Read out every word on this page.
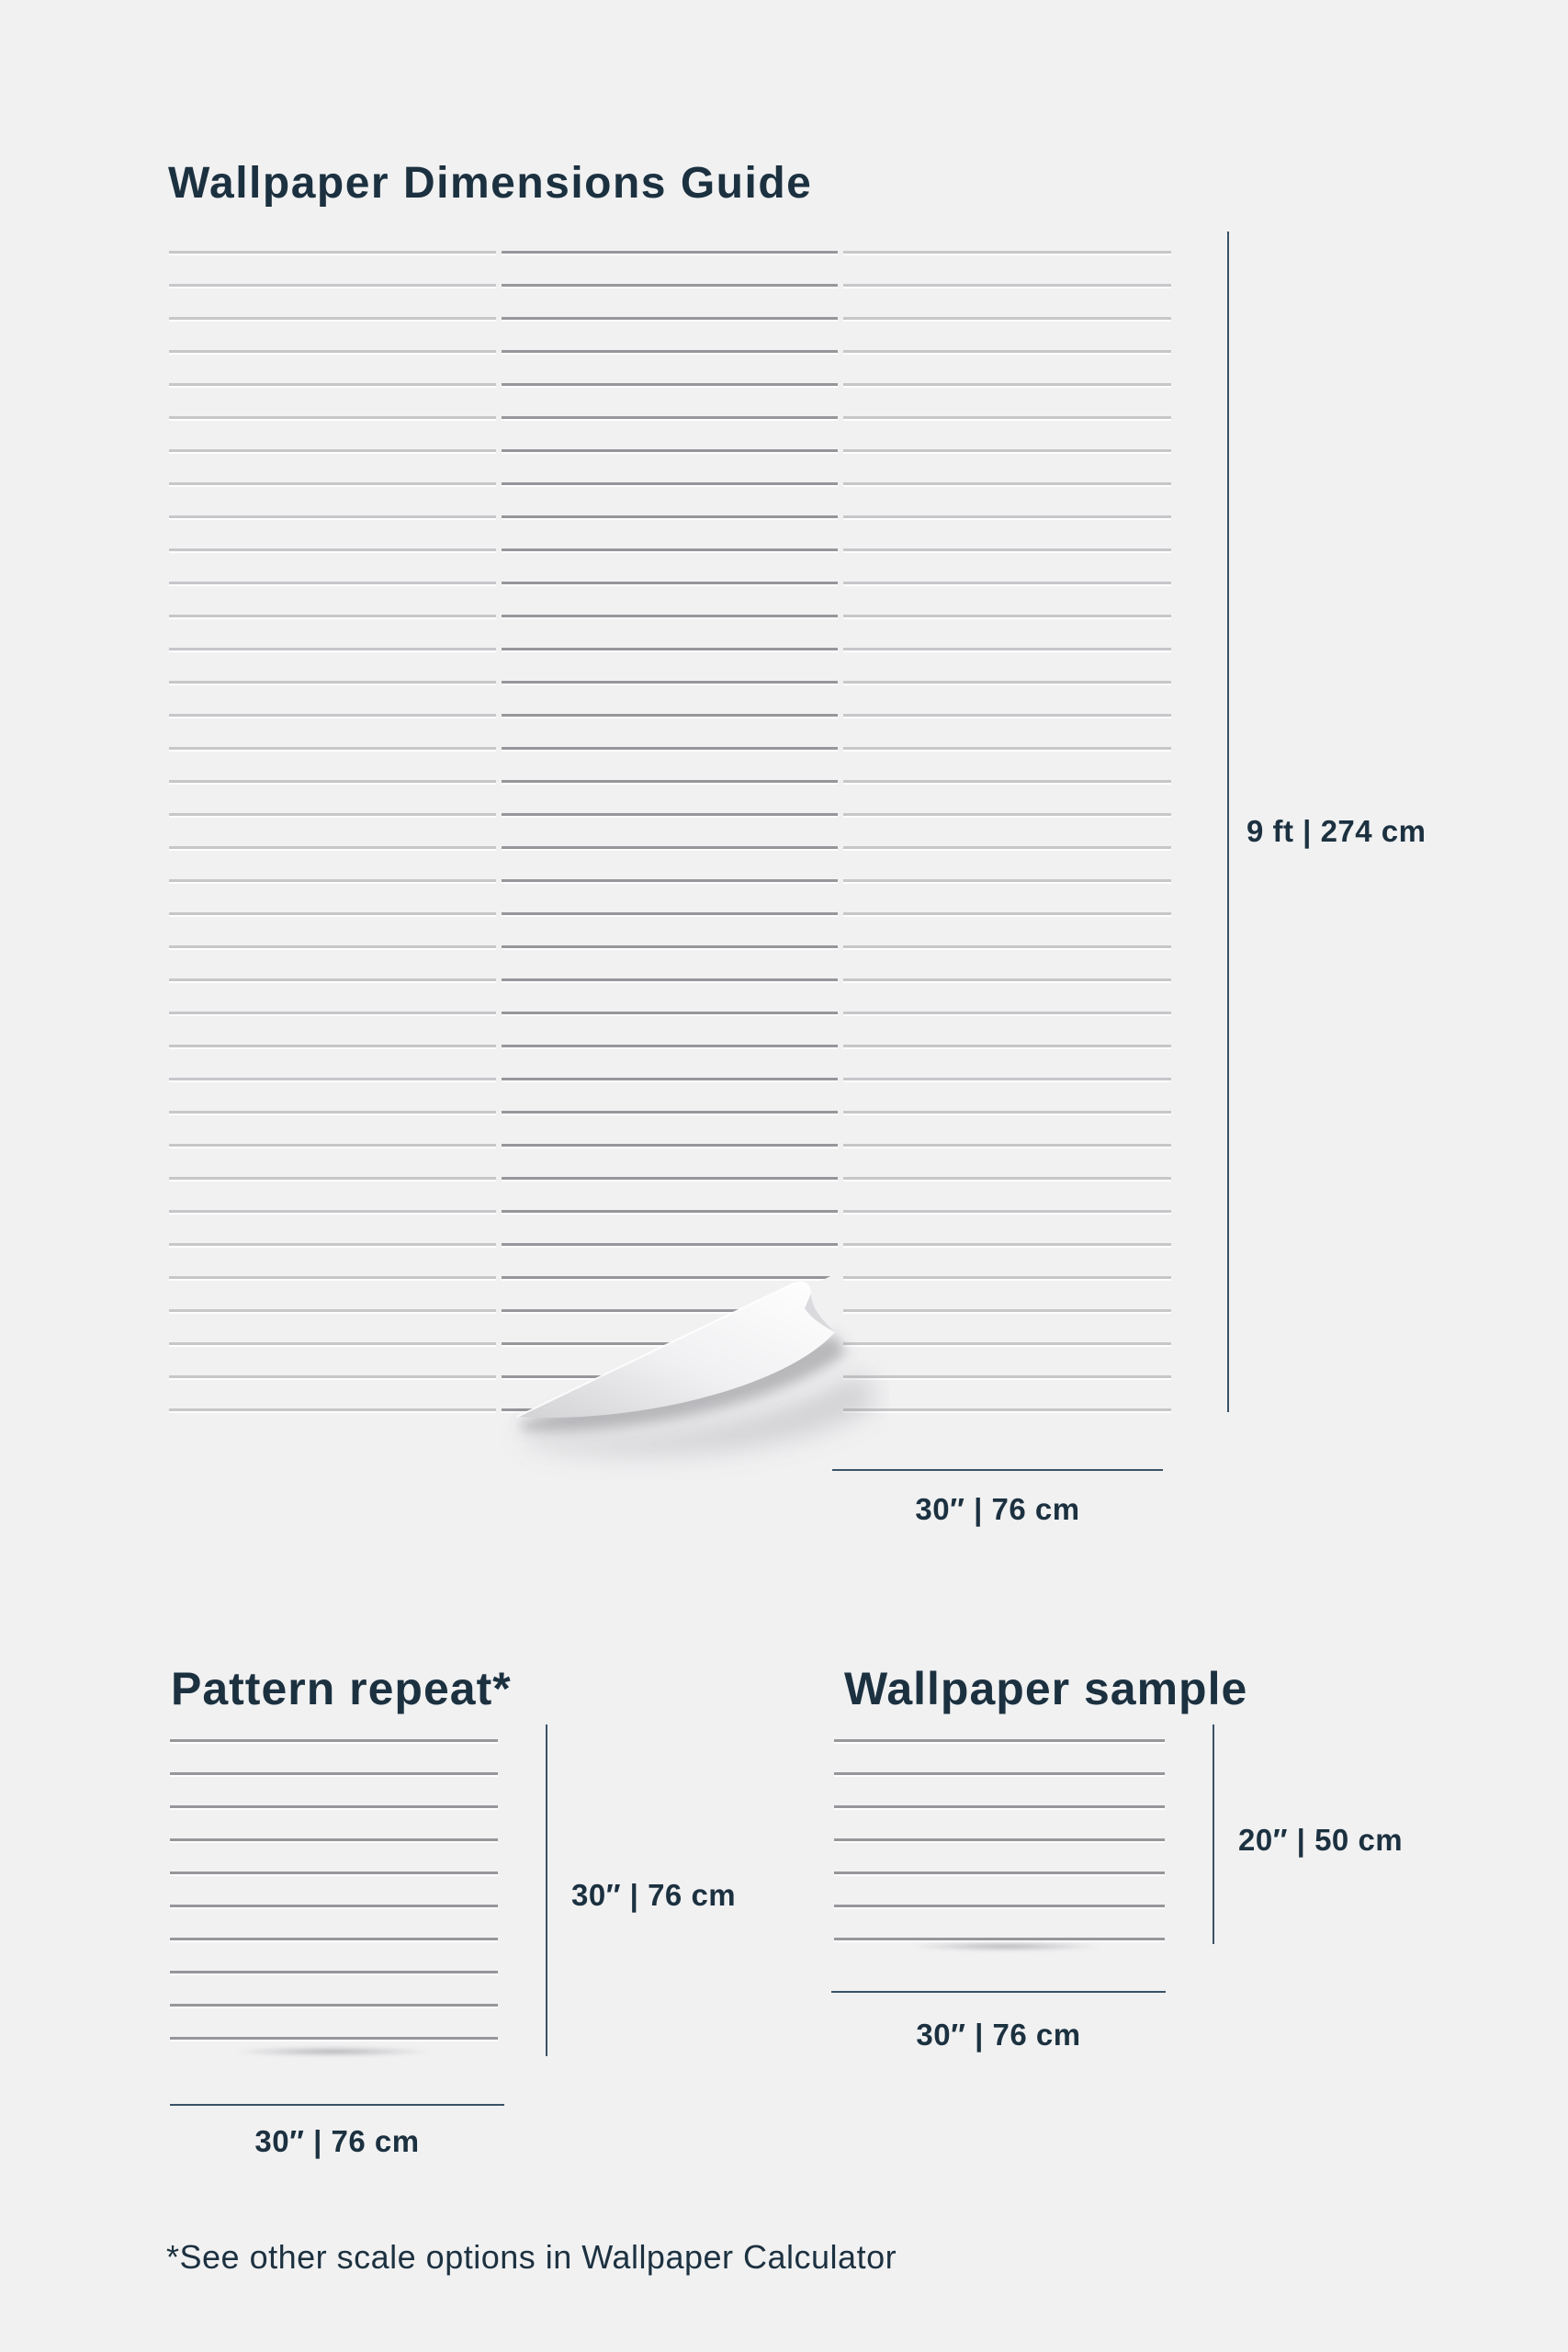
Wallpaper Dimensions Guide
9 ft | 274 cm
30″ | 76 cm
Pattern repeat*
30″ | 76 cm
30″ | 76 cm
Wallpaper sample
20″ | 50 cm
30″ | 76 cm
*See other scale options in Wallpaper Calculator
